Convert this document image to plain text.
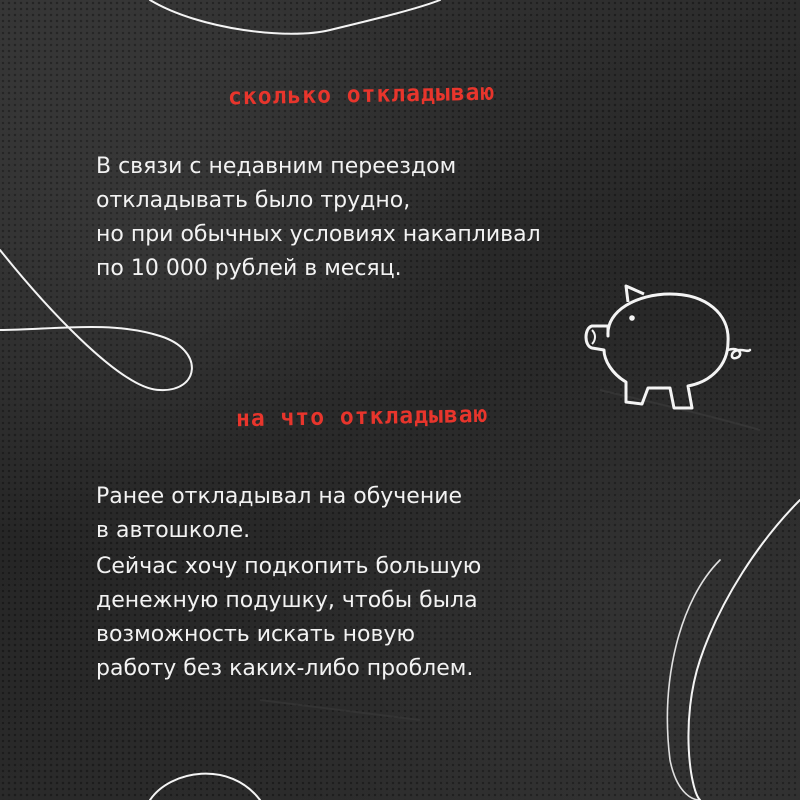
сколько откладываю
В связи с недавним переездом
откладывать было трудно,
но при обычных условиях накапливал
по 10 000 рублей в месяц.
на что откладываю
Ранее откладывал на обучение
в автошколе.
Сейчас хочу подкопить большую
денежную подушку, чтобы была
возможность искать новую
работу без каких-либо проблем.
